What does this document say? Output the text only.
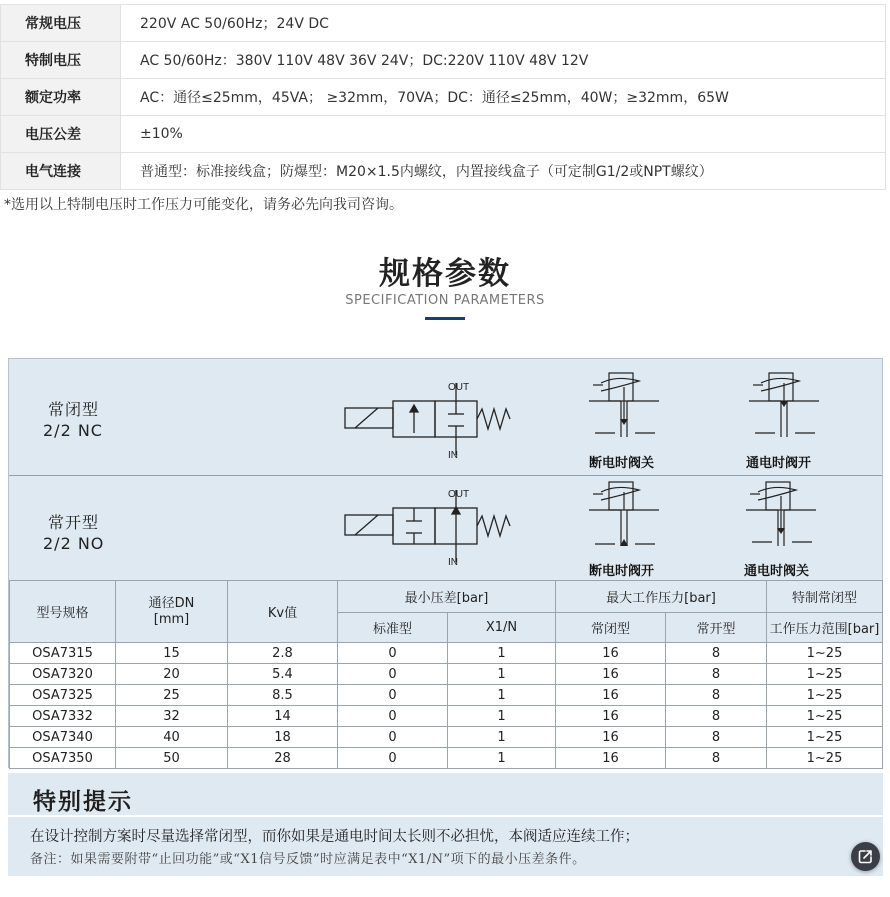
常规电压	220V AC 50/60Hz；24V DC
特制电压	AC 50/60Hz：380V 110V 48V 36V 24V；DC:220V 110V 48V 12V
额定功率	AC：通径≤25mm，45VA； ≥32mm，70VA；DC：通径≤25mm，40W；≥32mm，65W
电压公差	±10%
电气连接	普通型：标准接线盒；防爆型：M20×1.5内螺纹，内置接线盒子（可定制G1/2或NPT螺纹）
*选用以上特制电压时工作压力可能变化，请务必先向我司咨询。
规格参数
SPECIFICATION PARAMETERS
常闭型
2/2 NC
OUT
IN
断电时阀关	通电时阀开
常开型
2/2 NO
OUT
IN
断电时阀开	通电时阀关
型号规格	通径DN [mm]	Kv值	最小压差[bar]		最大工作压力[bar]		特制常闭型
			标准型	X1/N	常闭型	常开型	工作压力范围[bar]
OSA7315	15	2.8	0	1	16	8	1~25
OSA7320	20	5.4	0	1	16	8	1~25
OSA7325	25	8.5	0	1	16	8	1~25
OSA7332	32	14	0	1	16	8	1~25
OSA7340	40	18	0	1	16	8	1~25
OSA7350	50	28	0	1	16	8	1~25
特别提示
在设计控制方案时尽量选择常闭型，而你如果是通电时间太长则不必担忧，本阀适应连续工作；
备注：如果需要附带“止回功能”或“X1信号反馈”时应满足表中“X1/N”项下的最小压差条件。
